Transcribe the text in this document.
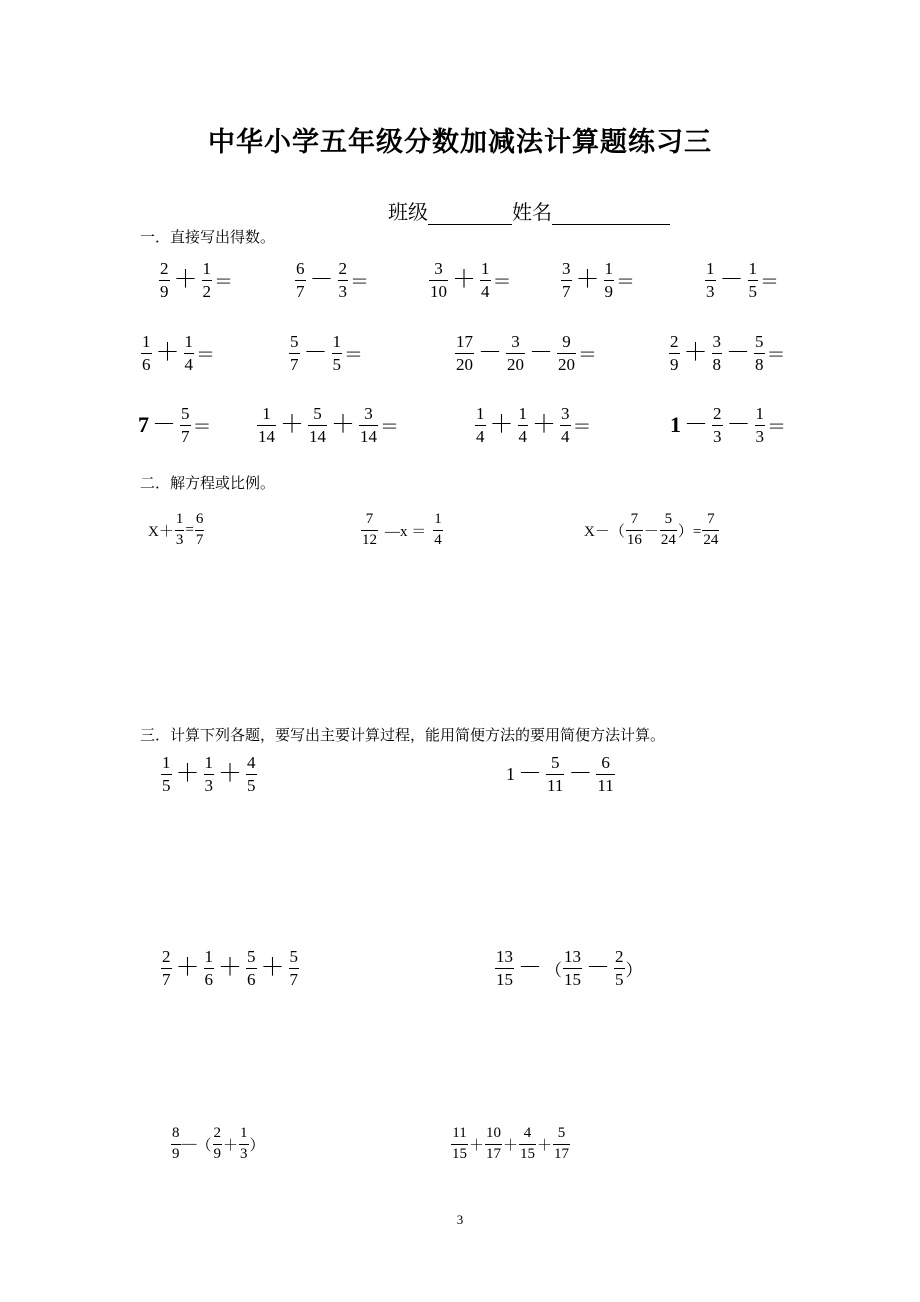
中华小学五年级分数加减法计算题练习三
班级	姓名
一．直接写出得数。
$\frac{2}{9} + \frac{1}{2}$ ＝	$\frac{6}{7} - \frac{2}{3}$ ＝	$\frac{3}{10} + \frac{1}{4}$ ＝	$\frac{3}{7} + \frac{1}{9}$ ＝	$\frac{1}{3} - \frac{1}{5}$ ＝
$\frac{1}{6} + \frac{1}{4}$ ＝	$\frac{5}{7} - \frac{1}{5}$ ＝	$\frac{17}{20} - \frac{3}{20} - \frac{9}{20}$ ＝	$\frac{2}{9} + \frac{3}{8} - \frac{5}{8}$ ＝
$7 - \frac{5}{7}$ ＝	$\frac{1}{14} + \frac{5}{14} + \frac{3}{14}$ ＝	$\frac{1}{4} + \frac{1}{4} + \frac{3}{4}$ ＝	$1 - \frac{2}{3} - \frac{1}{3}$ ＝
二．解方程或比例。
$X+ \frac{1}{3} = \frac{6}{7}$	$\frac{7}{12}$ —x ＝ $\frac{1}{4}$	$X-( \frac{7}{16} - \frac{5}{24}$ ）= $\frac{7}{24}$
三．计算下列各题，要写出主要计算过程，能用简便方法的要用简便方法计算。
$\frac{1}{5} + \frac{1}{3} + \frac{4}{5}$	$1 - \frac{5}{11} - \frac{6}{11}$
$\frac{2}{7} + \frac{1}{6} + \frac{5}{6} + \frac{5}{7}$	$\frac{13}{15}$ － （ $\frac{13}{15} - \frac{2}{5}$ ）
$\frac{8}{9}$ — （ $\frac{2}{9} + \frac{1}{3}$ ）	$\frac{11}{15} + \frac{10}{17} + \frac{4}{15} + \frac{5}{17}$
3
